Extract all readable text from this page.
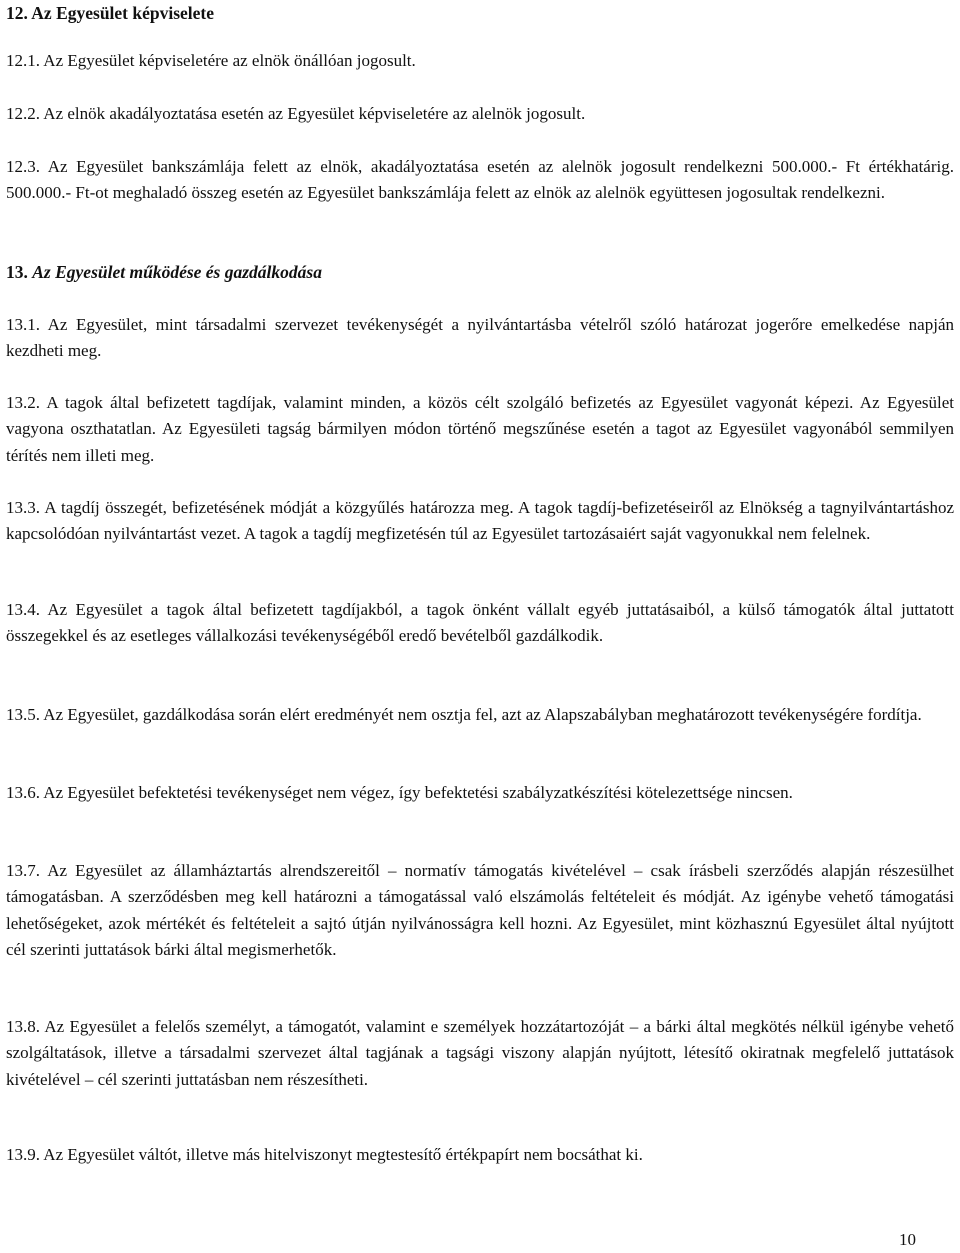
12. Az Egyesület képviselete
12.1. Az Egyesület képviseletére az elnök önállóan jogosult.
12.2. Az elnök akadályoztatása esetén az Egyesület képviseletére az alelnök jogosult.
12.3. Az Egyesület bankszámlája felett az elnök, akadályoztatása esetén az alelnök jogosult rendelkezni 500.000.- Ft értékhatárig. 500.000.- Ft-ot meghaladó összeg esetén az Egyesület bankszámlája felett az elnök az alelnök együttesen jogosultak rendelkezni.
13. Az Egyesület működése és gazdálkodása
13.1. Az Egyesület, mint társadalmi szervezet tevékenységét a nyilvántartásba vételről szóló határozat jogerőre emelkedése napján kezdheti meg.
13.2. A tagok által befizetett tagdíjak, valamint minden, a közös célt szolgáló befizetés az Egyesület vagyonát képezi. Az Egyesület vagyona oszthatatlan. Az Egyesületi tagság bármilyen módon történő megszűnése esetén a tagot az Egyesület vagyonából semmilyen térítés nem illeti meg.
13.3. A tagdíj összegét, befizetésének módját a közgyűlés határozza meg. A tagok tagdíj-befizetéseiről az Elnökség a tagnyilvántartáshoz kapcsolódóan nyilvántartást vezet. A tagok a tagdíj megfizetésén túl az Egyesület tartozásaiért saját vagyonukkal nem felelnek.
13.4. Az Egyesület a tagok által befizetett tagdíjakból, a tagok önként vállalt egyéb juttatásaiból, a külső támogatók által juttatott összegekkel és az esetleges vállalkozási tevékenységéből eredő bevételből gazdálkodik.
13.5. Az Egyesület, gazdálkodása során elért eredményét nem osztja fel, azt az Alapszabályban meghatározott tevékenységére fordítja.
13.6. Az Egyesület befektetési tevékenységet nem végez, így befektetési szabályzatkészítési kötelezettsége nincsen.
13.7. Az Egyesület az államháztartás alrendszereitől – normatív támogatás kivételével – csak írásbeli szerződés alapján részesülhet támogatásban. A szerződésben meg kell határozni a támogatással való elszámolás feltételeit és módját. Az igénybe vehető támogatási lehetőségeket, azok mértékét és feltételeit a sajtó útján nyilvánosságra kell hozni. Az Egyesület, mint közhasznú Egyesület által nyújtott cél szerinti juttatások bárki által megismerhetők.
13.8. Az Egyesület a felelős személyt, a támogatót, valamint e személyek hozzátartozóját – a bárki által megkötés nélkül igénybe vehető szolgáltatások, illetve a társadalmi szervezet által tagjának a tagsági viszony alapján nyújtott, létesítő okiratnak megfelelő juttatások kivételével – cél szerinti juttatásban nem részesítheti.
13.9. Az Egyesület váltót, illetve más hitelviszonyt megtestesítő értékpapírt nem bocsáthat ki.
10
